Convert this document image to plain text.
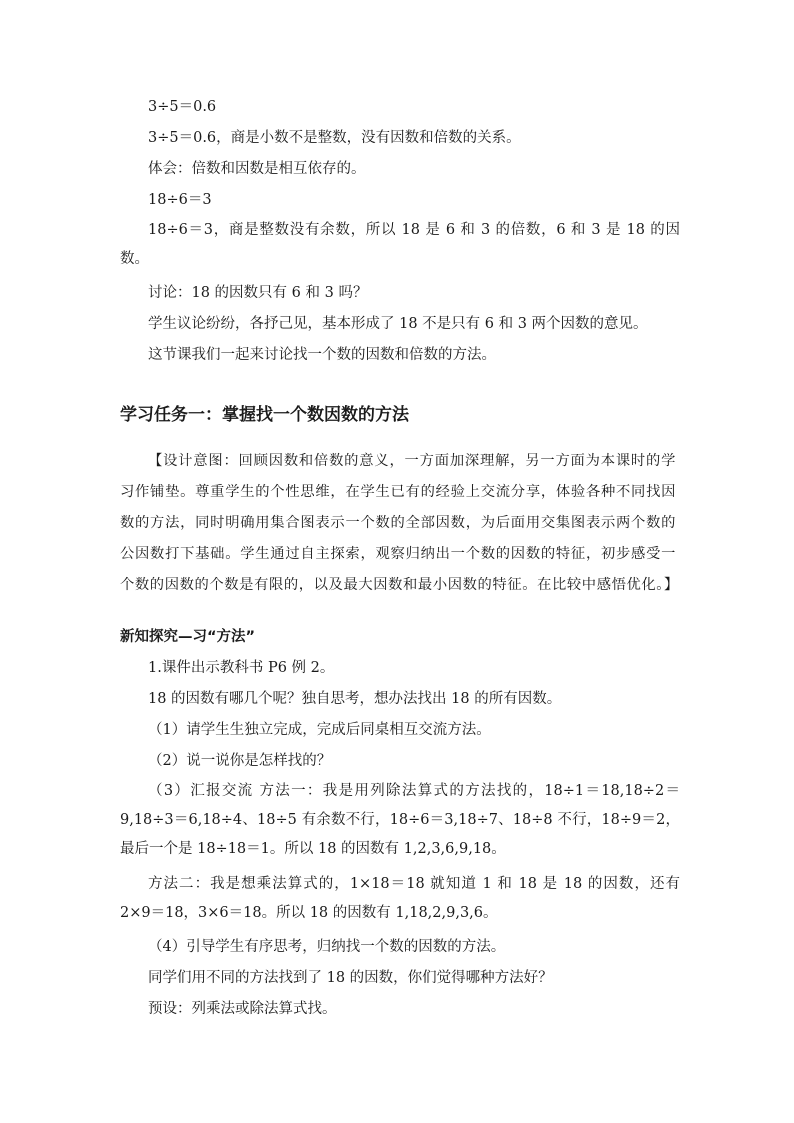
3÷5＝0.6

3÷5＝0.6，商是小数不是整数，没有因数和倍数的关系。

体会：倍数和因数是相互依存的。

18÷6＝3

18÷6＝3，商是整数没有余数，所以 18 是 6 和 3 的倍数，6 和 3 是 18 的因数。

讨论：18 的因数只有 6 和 3 吗？

学生议论纷纷，各抒己见，基本形成了 18 不是只有 6 和 3 两个因数的意见。

这节课我们一起来讨论找一个数的因数和倍数的方法。

学习任务一：掌握找一个数因数的方法

【设计意图：回顾因数和倍数的意义，一方面加深理解，另一方面为本课时的学习作铺垫。尊重学生的个性思维，在学生已有的经验上交流分享，体验各种不同找因数的方法，同时明确用集合图表示一个数的全部因数，为后面用交集图表示两个数的公因数打下基础。学生通过自主探索，观察归纳出一个数的因数的特征，初步感受一个数的因数的个数是有限的，以及最大因数和最小因数的特征。在比较中感悟优化。】

新知探究—习“方法”

1.课件出示教科书 P6 例 2。

18 的因数有哪几个呢？独自思考，想办法找出 18 的所有因数。

（1）请学生生独立完成，完成后同桌相互交流方法。

（2）说一说你是怎样找的？

（3）汇报交流 方法一：我是用列除法算式的方法找的，18÷1＝18,18÷2＝9,18÷3＝6,18÷4、18÷5 有余数不行，18÷6＝3,18÷7、18÷8 不行，18÷9＝2，最后一个是 18÷18＝1。所以 18 的因数有 1,2,3,6,9,18。
方法二：我是想乘法算式的，1×18＝18 就知道 1 和 18 是 18 的因数，还有 2×9＝18，3×6＝18。所以 18 的因数有 1,18,2,9,3,6。

（4）引导学生有序思考，归纳找一个数的因数的方法。

同学们用不同的方法找到了 18 的因数，你们觉得哪种方法好？

预设：列乘法或除法算式找。
